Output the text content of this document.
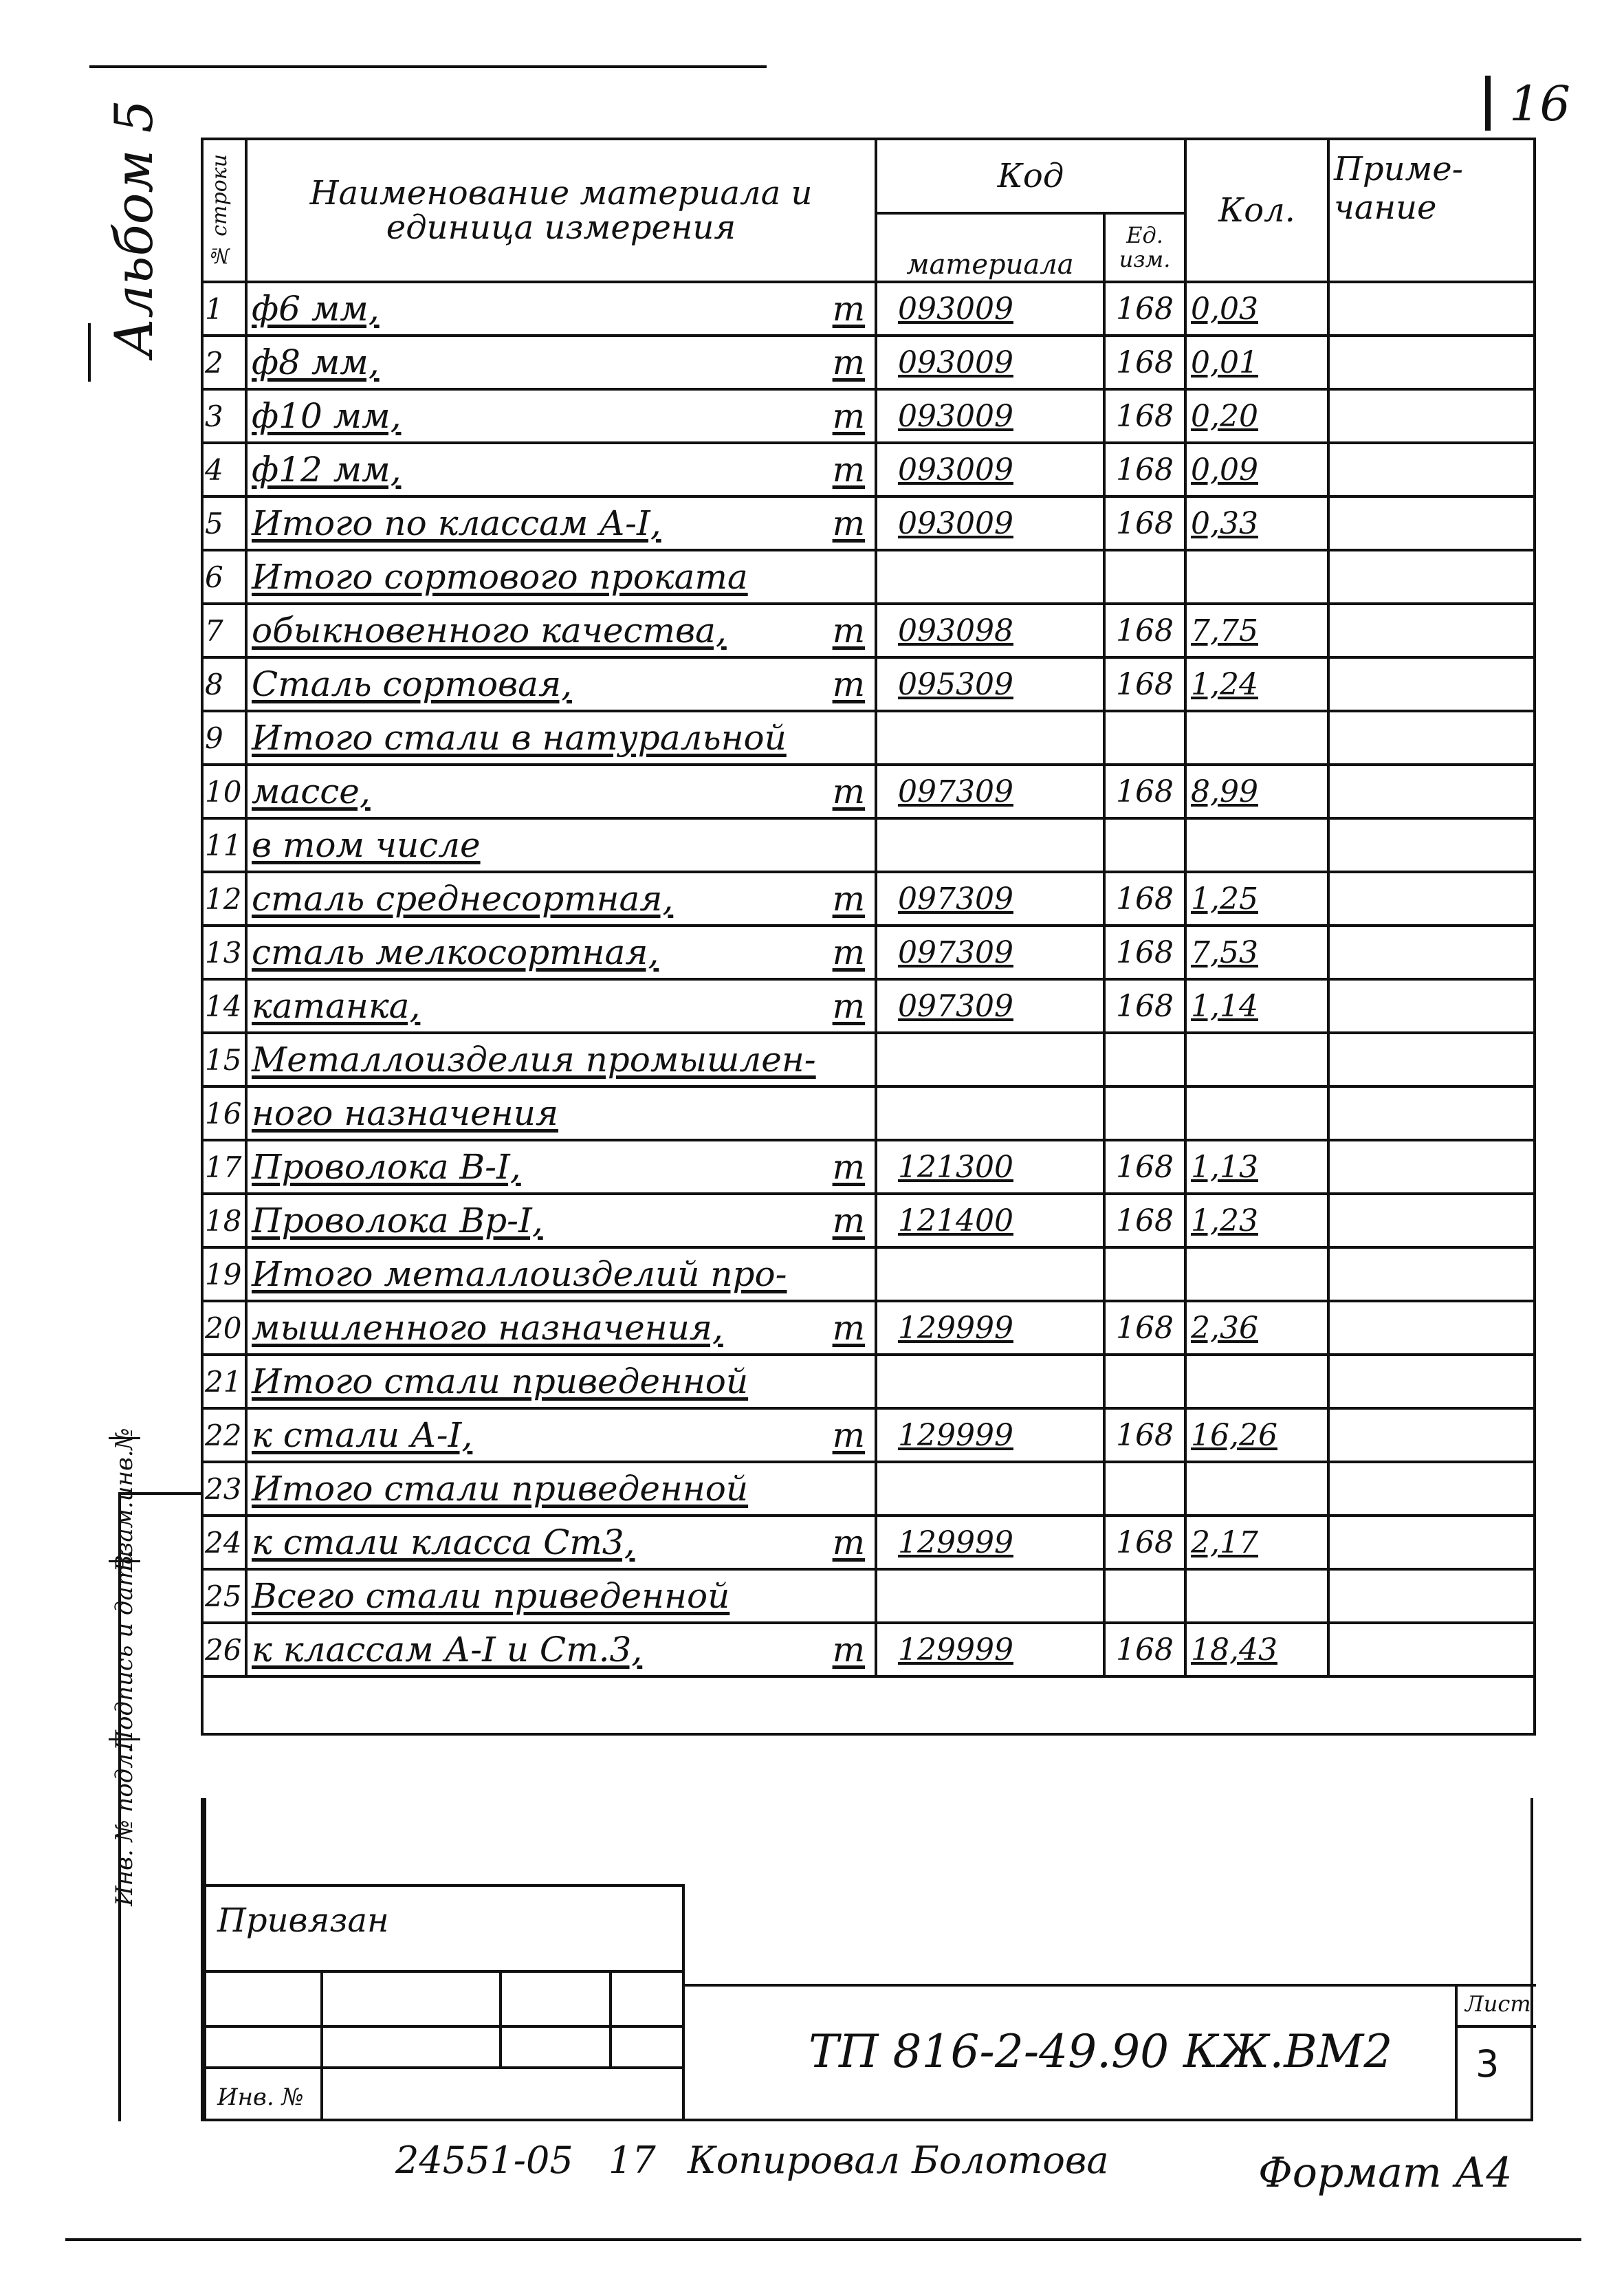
16
Альбом 5
Инв. № подл.
Подпись и дата
Взам.инв.№
№ строки	Наименование материала и единица измерения	Код		Кол.	Приме- чание
		материала	Ед. изм.		
1	ф6 мм, т	093009	168	0,03	
2	ф8 мм, т	093009	168	0,01	
3	ф10 мм, т	093009	168	0,20	
4	ф12 мм, т	093009	168	0,09	
5	Итого по классам А-I, т	093009	168	0,33	
6	Итого сортового проката				

7	обыкновенного качества, т	093098	168	7,75	
8	Сталь сортовая, т	095309	168	1,24	
9	Итого стали в натуральной				

10	массе, т	097309	168	8,99	
11	в том числе				

12	сталь среднесортная, т	097309	168	1,25	
13	сталь мелкосортная, т	097309	168	7,53	
14	катанка, т	097309	168	1,14	
15	Металлоизделия промышлен-				

16	ного назначения				

17	Проволока В-I, т	121300	168	1,13	
18	Проволока Вр-I, т	121400	168	1,23	
19	Итого металлоизделий про-				

20	мышленного назначения, т	129999	168	2,36	
21	Итого стали приведенной				

22	к стали А-I, т	129999	168	16,26	
23	Итого стали приведенной				

24	к стали класса Ст3, т	129999	168	2,17	
25	Всего стали приведенной				

26	к классам А-I и Ст.3, т	129999	168	18,43	

Привязан
Инв. №
ТП 816-2-49.90 КЖ.ВМ2
Лист
3
24551-05 17 Копировал Болотова	Формат А4
